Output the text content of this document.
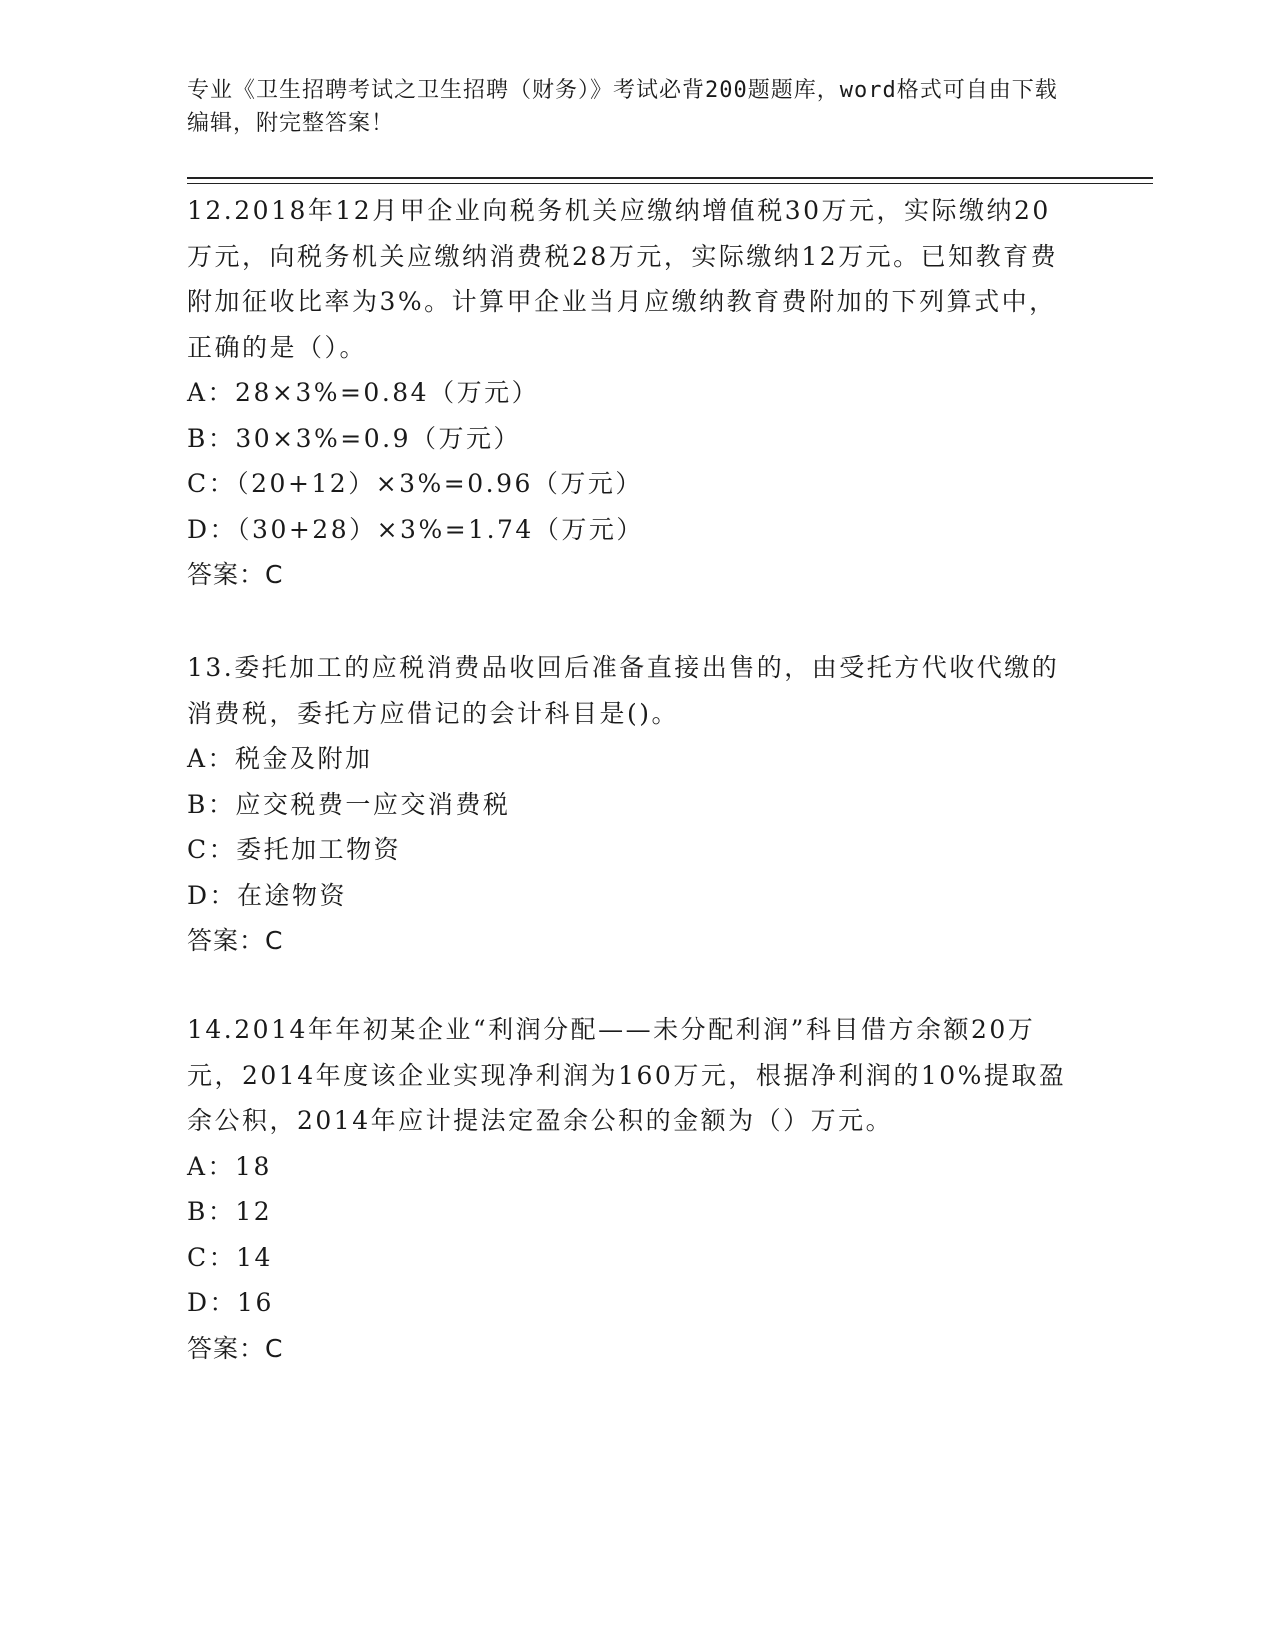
专业《卫生招聘考试之卫生招聘（财务）》考试必背200题题库，word格式可自由下载编辑，附完整答案！

12.2018年12月甲企业向税务机关应缴纳增值税30万元，实际缴纳20万元，向税务机关应缴纳消费税28万元，实际缴纳12万元。已知教育费附加征收比率为3%。计算甲企业当月应缴纳教育费附加的下列算式中，正确的是（）。

A：28×3%=0.84（万元）

B：30×3%=0.9（万元）

C：（20+12）×3%=0.96（万元）

D：（30+28）×3%=1.74（万元）

答案：C

13.委托加工的应税消费品收回后准备直接出售的，由受托方代收代缴的消费税，委托方应借记的会计科目是()。

A：税金及附加

B：应交税费一应交消费税

C：委托加工物资

D：在途物资

答案：C

14.2014年年初某企业“利润分配——未分配利润”科目借方余额20万元，2014年度该企业实现净利润为160万元，根据净利润的10%提取盈余公积，2014年应计提法定盈余公积的金额为（）万元。

A：18

B：12

C：14

D：16

答案：C
